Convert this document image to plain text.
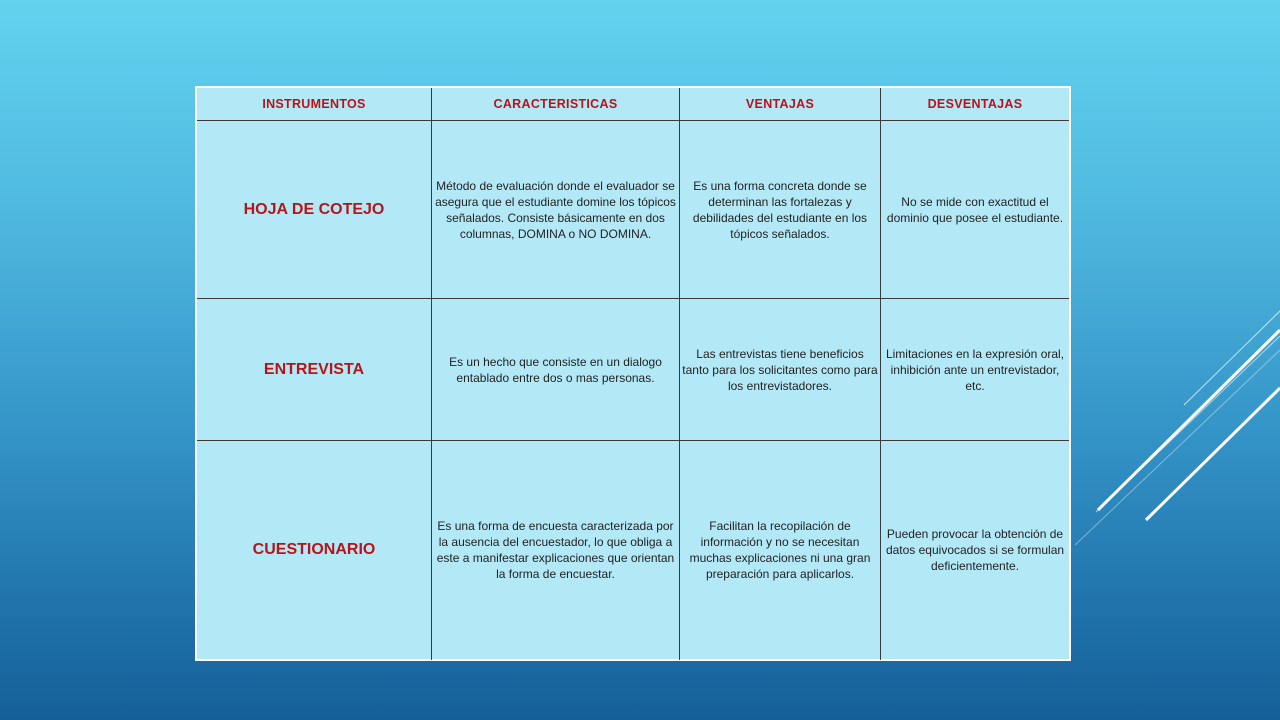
INSTRUMENTOS	CARACTERISTICAS	VENTAJAS	DESVENTAJAS
HOJA DE COTEJO	Método de evaluación donde el evaluador se asegura que el estudiante domine los tópicos señalados. Consiste básicamente en dos columnas, DOMINA o NO DOMINA.	Es una forma concreta donde se determinan las fortalezas y debilidades del estudiante en los tópicos señalados.	No se mide con exactitud el dominio que posee el estudiante.
ENTREVISTA	Es un hecho que consiste en un dialogo entablado entre dos o mas personas.	Las entrevistas tiene beneficios tanto para los solicitantes como para los entrevistadores.	Limitaciones en la expresión oral, inhibición ante un entrevistador, etc.
CUESTIONARIO	Es una forma de encuesta caracterizada por la ausencia del encuestador, lo que obliga a este a manifestar explicaciones que orientan la forma de encuestar.	Facilitan la recopilación de información y no se necesitan muchas explicaciones ni una gran preparación para aplicarlos.	Pueden provocar la obtención de datos equivocados si se formulan deficientemente.
